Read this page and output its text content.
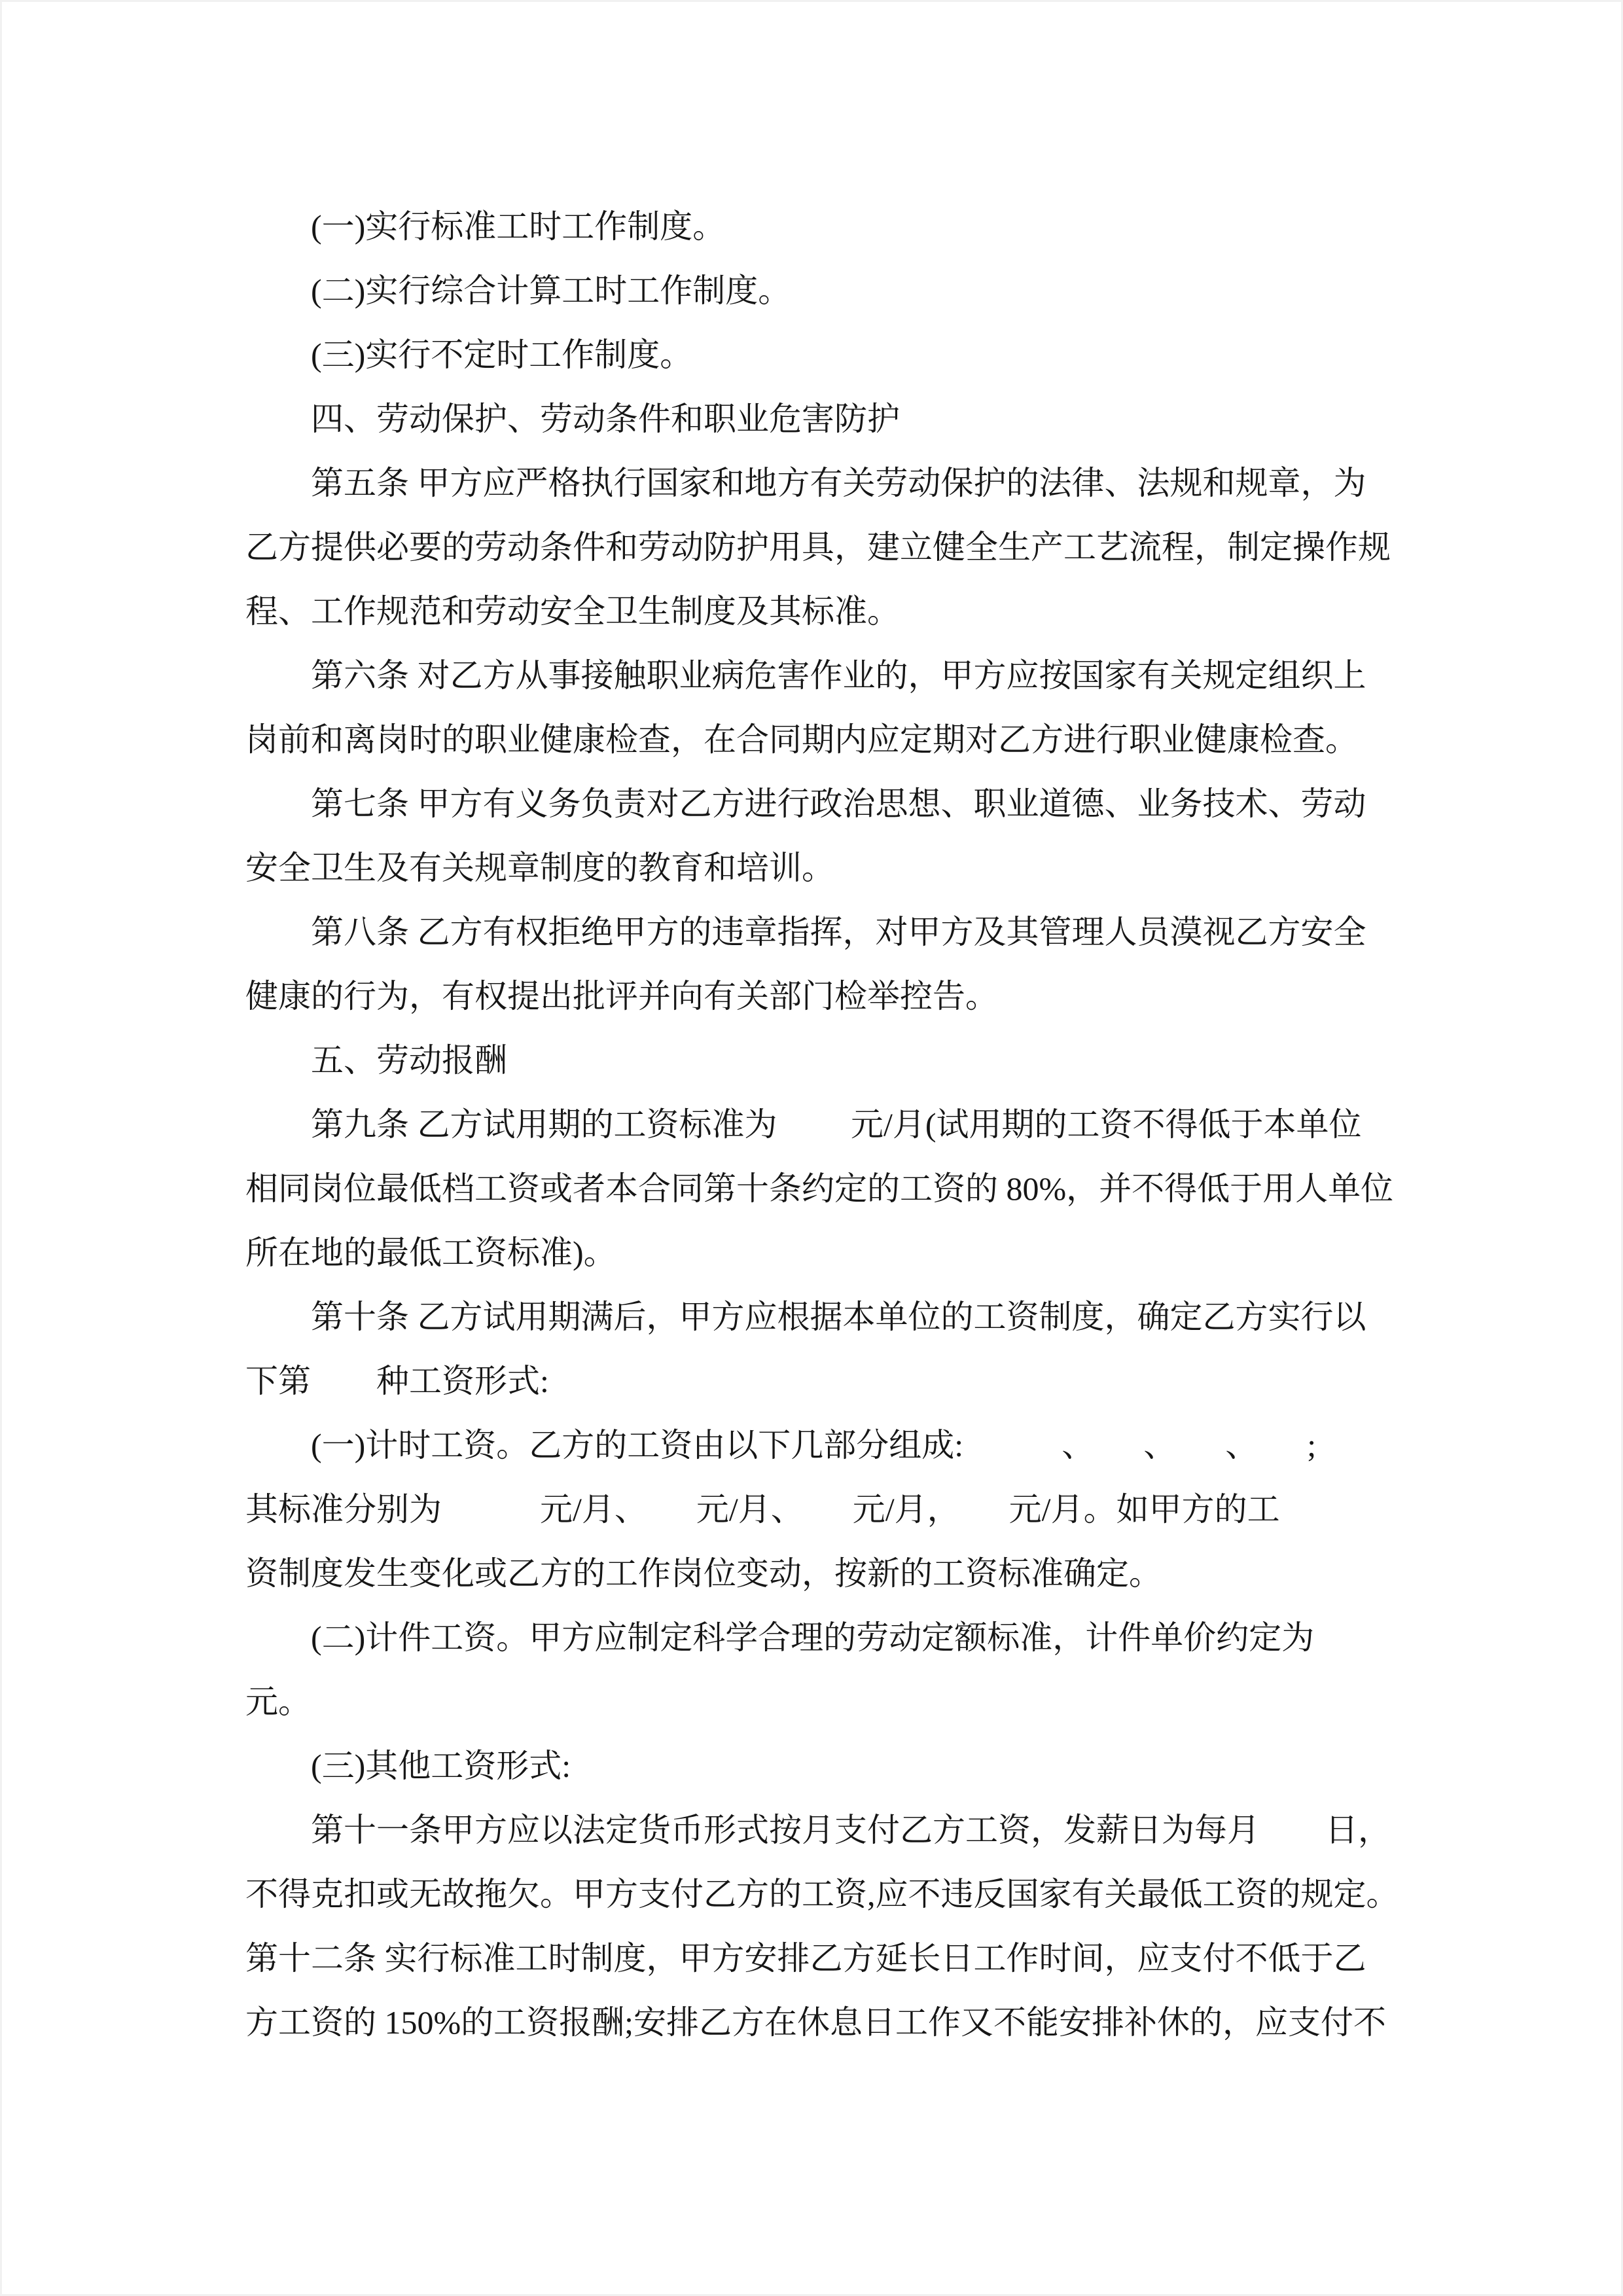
　　(一)实行标准工时工作制度。
　　(二)实行综合计算工时工作制度。
　　(三)实行不定时工作制度。
　　四、劳动保护、劳动条件和职业危害防护
　　第五条 甲方应严格执行国家和地方有关劳动保护的法律、法规和规章，为
乙方提供必要的劳动条件和劳动防护用具，建立健全生产工艺流程，制定操作规
程、工作规范和劳动安全卫生制度及其标准。
　　第六条 对乙方从事接触职业病危害作业的，甲方应按国家有关规定组织上
岗前和离岗时的职业健康检查，在合同期内应定期对乙方进行职业健康检查。
　　第七条 甲方有义务负责对乙方进行政治思想、职业道德、业务技术、劳动
安全卫生及有关规章制度的教育和培训。
　　第八条 乙方有权拒绝甲方的违章指挥，对甲方及其管理人员漠视乙方安全
健康的行为，有权提出批评并向有关部门检举控告。
　　五、劳动报酬
　　第九条 乙方试用期的工资标准为　　 元/月(试用期的工资不得低于本单位
相同岗位最低档工资或者本合同第十条约定的工资的 80%，并不得低于用人单位
所在地的最低工资标准)。
　　第十条 乙方试用期满后，甲方应根据本单位的工资制度，确定乙方实行以
下第　　种工资形式:
　　(一)计时工资。乙方的工资由以下几部分组成:　　　、　　、　　、　　;
其标准分别为　　　元/月、　　元/月、　　元/月，　　元/月。如甲方的工
资制度发生变化或乙方的工作岗位变动，按新的工资标准确定。
　　(二)计件工资。甲方应制定科学合理的劳动定额标准，计件单价约定为
元。
　　(三)其他工资形式:
　　第十一条甲方应以法定货币形式按月支付乙方工资，发薪日为每月　　日，
不得克扣或无故拖欠。甲方支付乙方的工资,应不违反国家有关最低工资的规定。
第十二条 实行标准工时制度，甲方安排乙方延长日工作时间，应支付不低于乙
方工资的 150%的工资报酬;安排乙方在休息日工作又不能安排补休的，应支付不
